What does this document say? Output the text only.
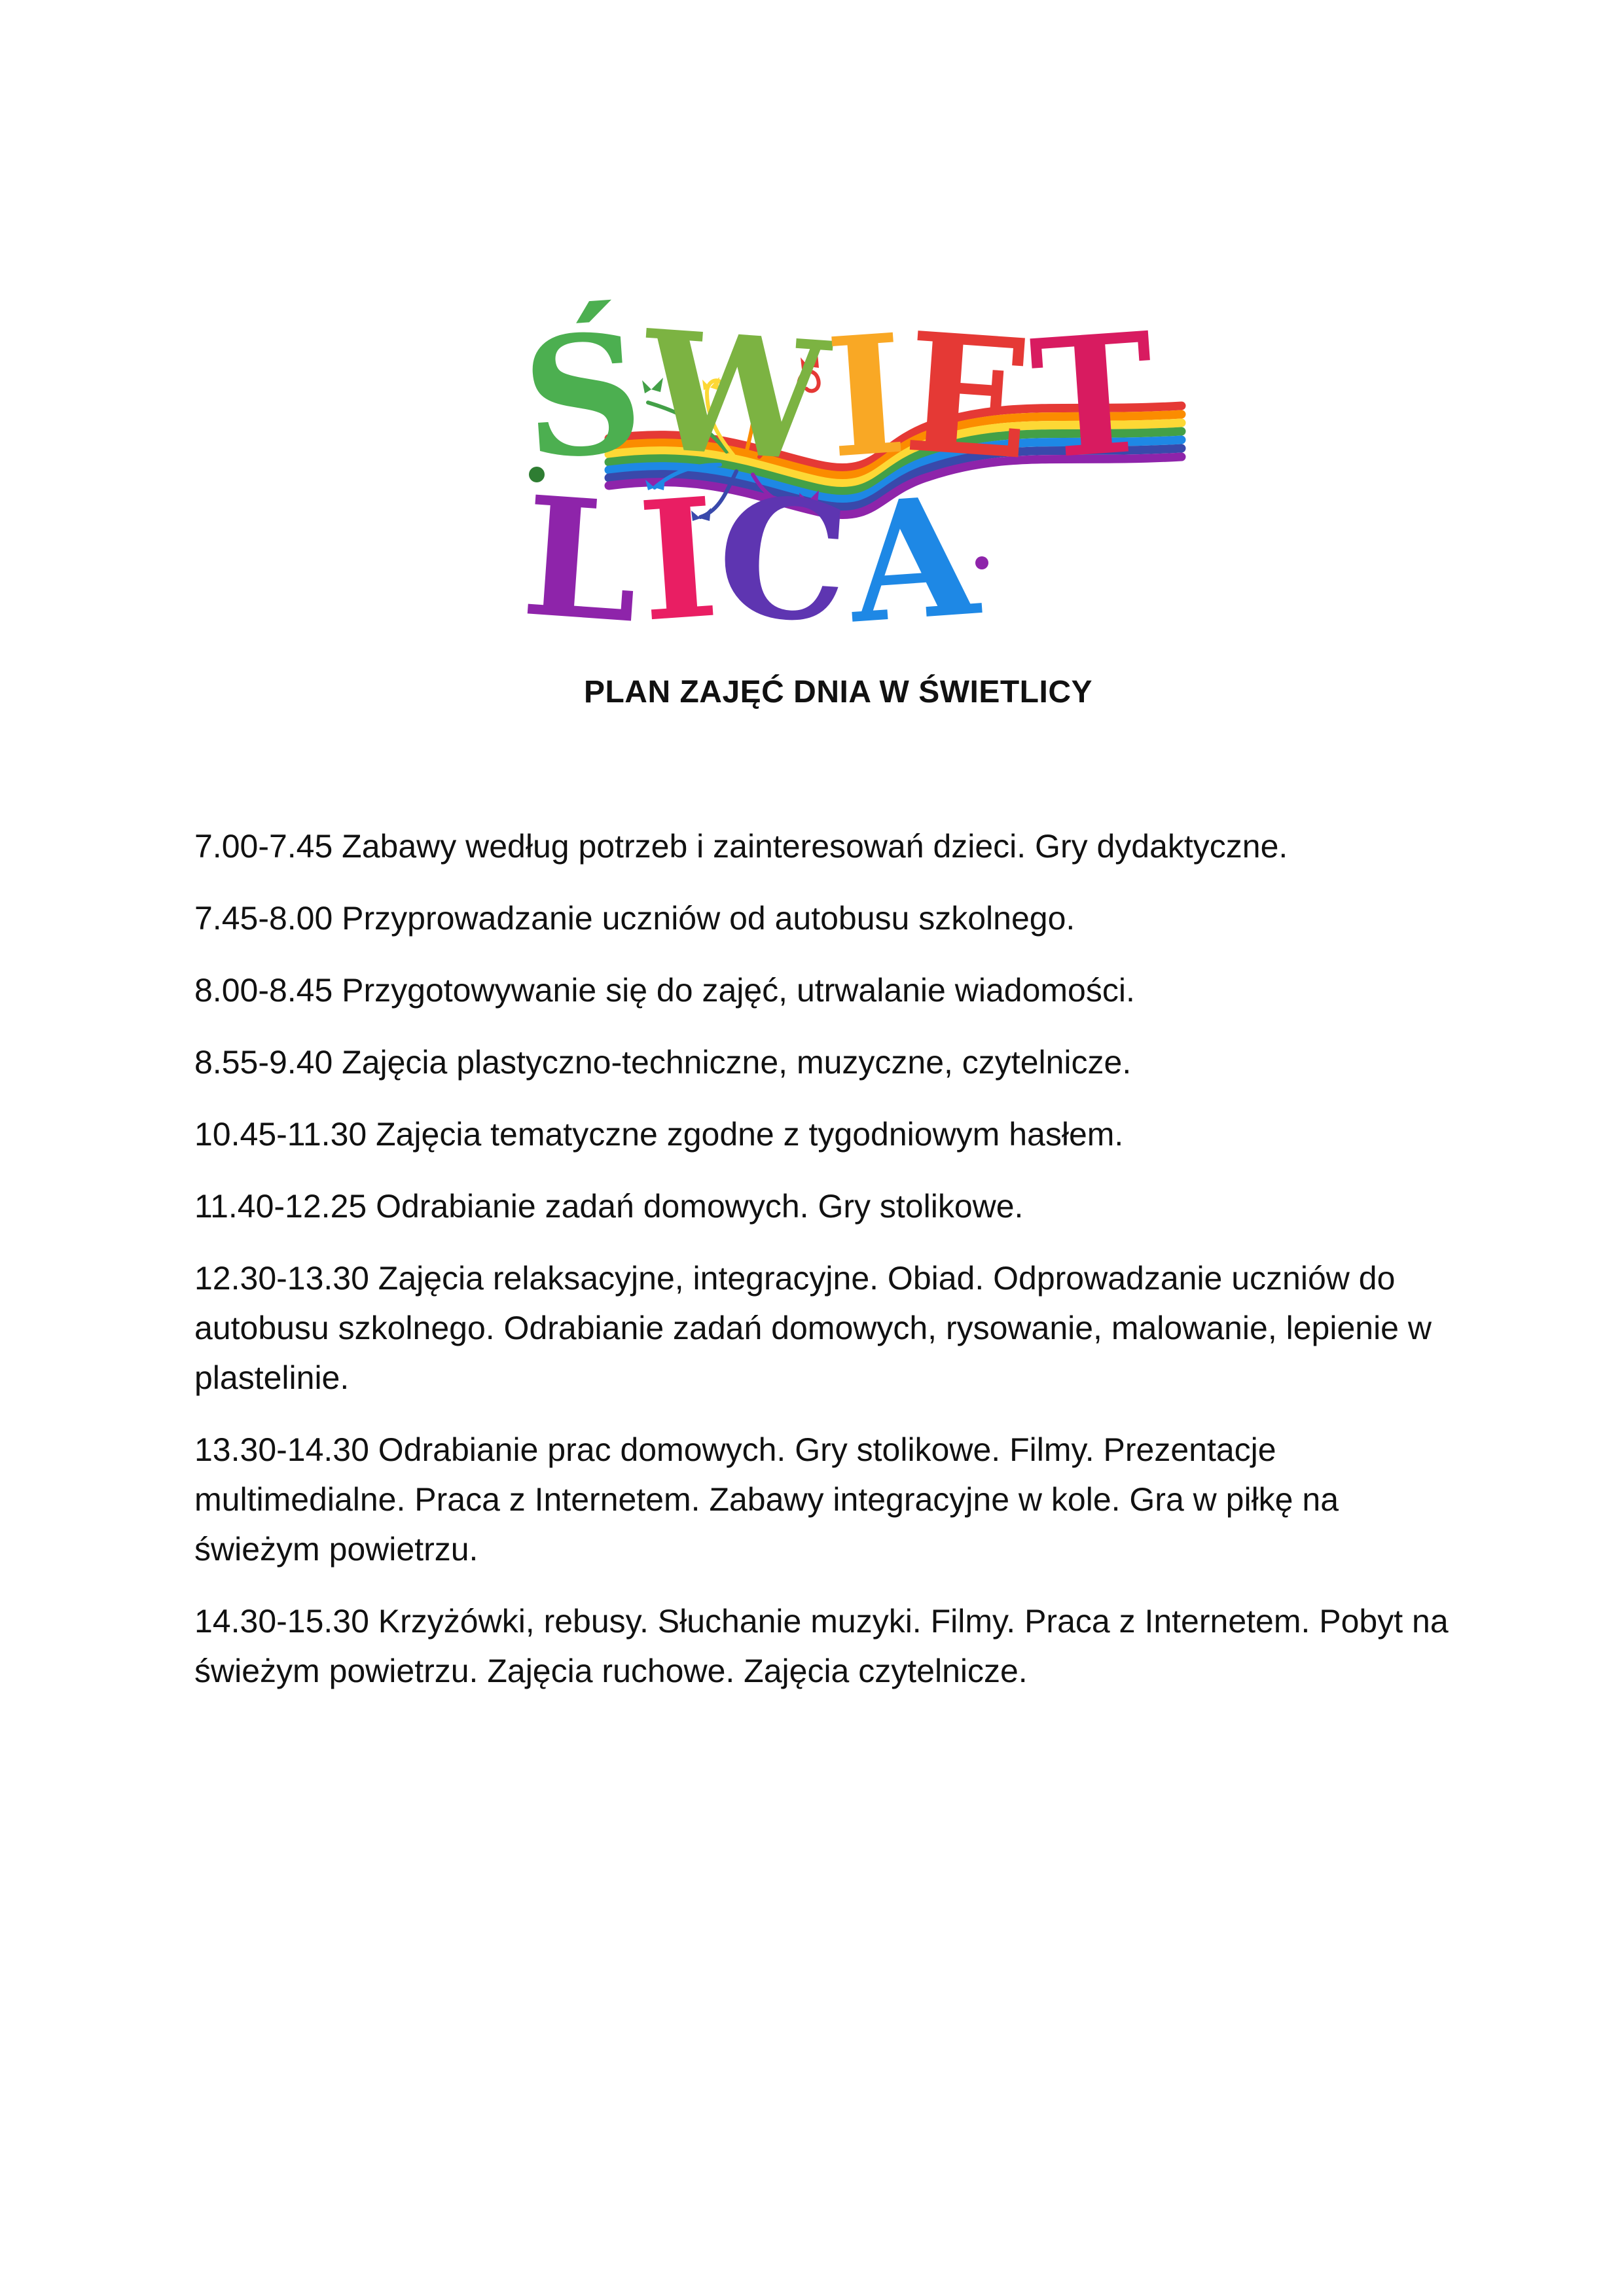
ŚWIETLICA
PLAN ZAJĘĆ DNIA W ŚWIETLICY
7.00-7.45 Zabawy według potrzeb i zainteresowań dzieci. Gry dydaktyczne.
7.45-8.00 Przyprowadzanie uczniów od autobusu szkolnego.
8.00-8.45 Przygotowywanie się do zajęć, utrwalanie wiadomości.
8.55-9.40 Zajęcia plastyczno-techniczne, muzyczne, czytelnicze.
10.45-11.30 Zajęcia tematyczne zgodne z tygodniowym hasłem.
11.40-12.25 Odrabianie zadań domowych. Gry stolikowe.
12.30-13.30 Zajęcia relaksacyjne, integracyjne. Obiad. Odprowadzanie uczniów do autobusu szkolnego. Odrabianie zadań domowych, rysowanie, malowanie, lepienie w plastelinie.
13.30-14.30 Odrabianie prac domowych. Gry stolikowe. Filmy. Prezentacje multimedialne. Praca z Internetem. Zabawy integracyjne w kole. Gra w piłkę na świeżym powietrzu.
14.30-15.30 Krzyżówki, rebusy. Słuchanie muzyki. Filmy. Praca z Internetem. Pobyt na świeżym powietrzu. Zajęcia ruchowe. Zajęcia czytelnicze.
